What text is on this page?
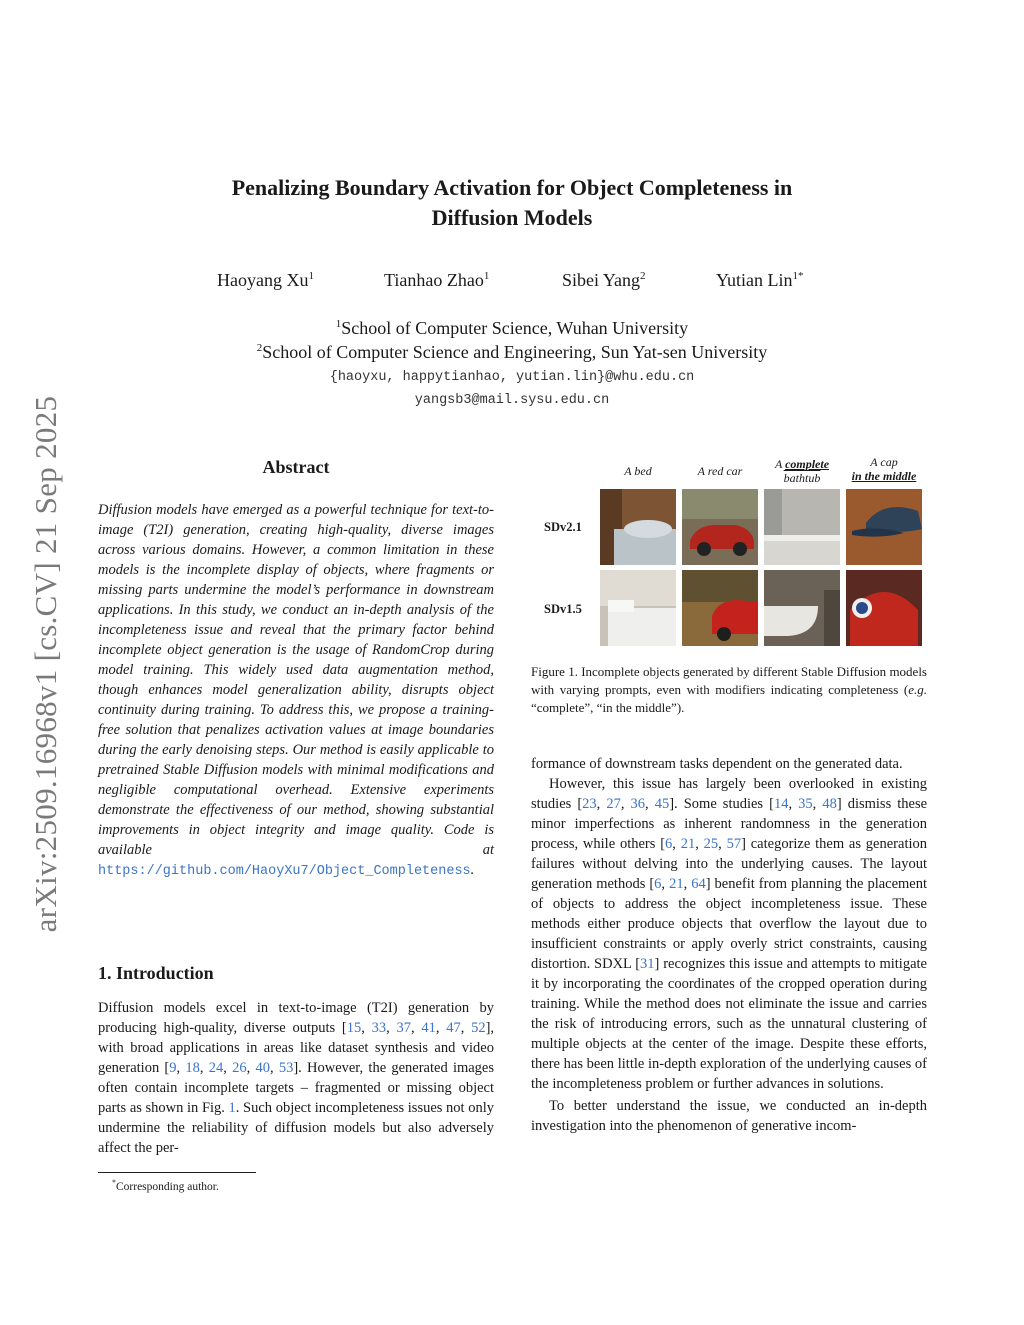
arXiv:2509.16968v1 [cs.CV] 21 Sep 2025
Penalizing Boundary Activation for Object Completeness in
Diffusion Models
Haoyang Xu$^1$	Tianhao Zhao$^1$	Sibei Yang$^2$	Yutian Lin$^{1*}$
$^1$School of Computer Science, Wuhan University
$^2$School of Computer Science and Engineering, Sun Yat-sen University
{haoyxu, happytianhao, yutian.lin}@whu.edu.cn
yangsb3@mail.sysu.edu.cn
Abstract
Diffusion models have emerged as a powerful technique for text-to-image (T2I) generation, creating high-quality, diverse images across various domains. However, a common limitation in these models is the incomplete display of objects, where fragments or missing parts undermine the model’s performance in downstream applications. In this study, we conduct an in-depth analysis of the incompleteness issue and reveal that the primary factor behind incomplete object generation is the usage of RandomCrop during model training. This widely used data augmentation method, though enhances model generalization ability, disrupts object continuity during training. To address this, we propose a training-free solution that penalizes activation values at image boundaries during the early denoising steps. Our method is easily applicable to pretrained Stable Diffusion models with minimal modifications and negligible computational overhead. Extensive experiments demonstrate the effectiveness of our method, showing substantial improvements in object integrity and image quality. Code is available at https://github.com/HaoyXu7/Object_Completeness.
1. Introduction
Diffusion models excel in text-to-image (T2I) generation by producing high-quality, diverse outputs [15, 33, 37, 41, 47, 52], with broad applications in areas like dataset synthesis and video generation [9, 18, 24, 26, 40, 53]. However, the generated images often contain incomplete targets – fragmented or missing object parts as shown in Fig. 1. Such object incompleteness issues not only undermine the reliability of diffusion models but also adversely affect the per-
*Corresponding author.
A bed	A red car	A complete
bathtub
A cap
in the middle
SDv2.1
SDv1.5
Figure 1. Incomplete objects generated by different Stable Diffusion models with varying prompts, even with modifiers indicating completeness (e.g. “complete”, “in the middle”).

formance of downstream tasks dependent on the generated data.

However, this issue has largely been overlooked in existing studies [23, 27, 36, 45]. Some studies [14, 35, 48] dismiss these minor imperfections as inherent randomness in the generation process, while others [6, 21, 25, 57] categorize them as generation failures without delving into the underlying causes. The layout generation methods [6, 21, 64] benefit from planning the placement of objects to address the object incompleteness issue. These methods either produce objects that overflow the layout due to insufficient constraints or apply overly strict constraints, causing distortion. SDXL [31] recognizes this issue and attempts to mitigate it by incorporating the coordinates of the cropped operation during training. While the method does not eliminate the issue and carries the risk of introducing errors, such as the unnatural clustering of multiple objects at the center of the image. Despite these efforts, there has been little in-depth exploration of the underlying causes of the incompleteness problem or further advances in solutions.

To better understand the issue, we conducted an in-depth investigation into the phenomenon of generative incom-
